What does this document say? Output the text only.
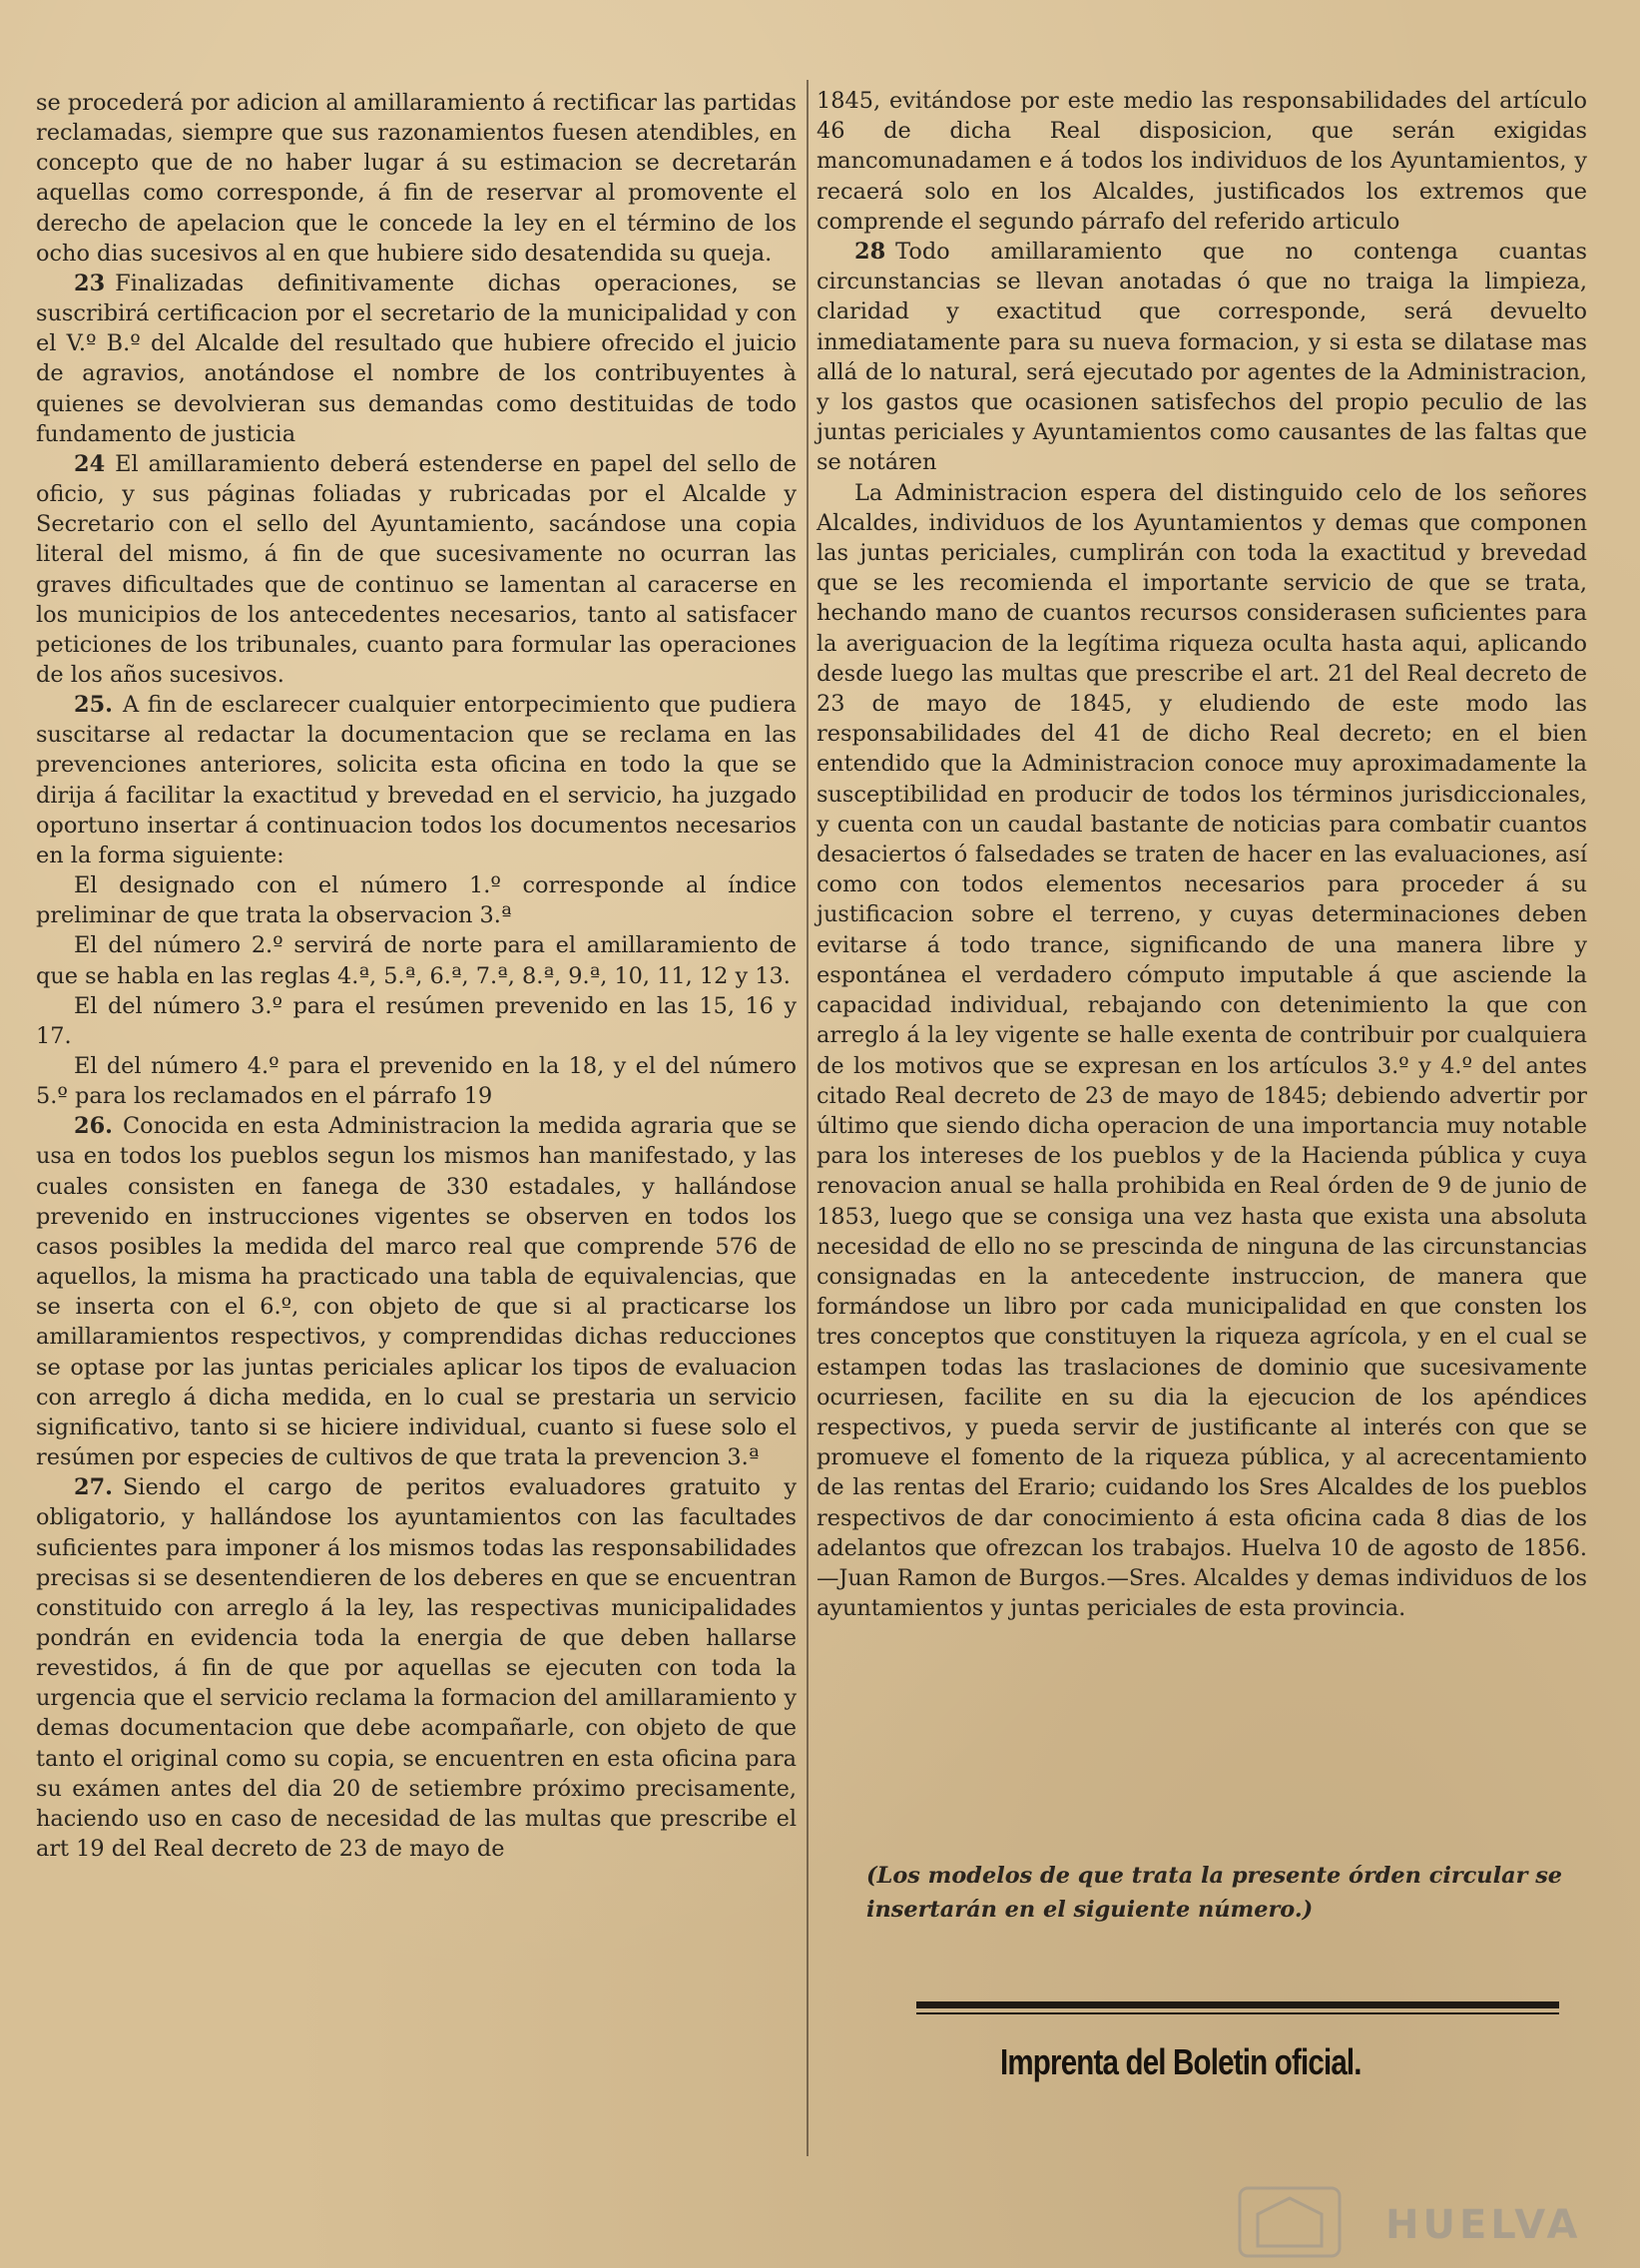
se procederá por adicion al amillaramiento á rectificar las partidas reclamadas, siempre que sus razonamientos fuesen atendibles, en concepto que de no haber lugar á su estimacion se decretarán aquellas como corresponde, á fin de reservar al promovente el derecho de apelacion que le concede la ley en el término de los ocho dias sucesivos al en que hubiere sido desatendida su queja.

23 Finalizadas definitivamente dichas operaciones, se suscribirá certificacion por el secretario de la municipalidad y con el V.º B.º del Alcalde del resultado que hubiere ofrecido el juicio de agravios, anotándose el nombre de los contribuyentes à quienes se devolvieran sus demandas como destituidas de todo fundamento de justicia

24 El amillaramiento deberá estenderse en papel del sello de oficio, y sus páginas foliadas y rubricadas por el Alcalde y Secretario con el sello del Ayuntamiento, sacándose una copia literal del mismo, á fin de que sucesivamente no ocurran las graves dificultades que de continuo se lamentan al caracerse en los municipios de los antecedentes necesarios, tanto al satisfacer peticiones de los tribunales, cuanto para formular las operaciones de los años sucesivos.

25. A fin de esclarecer cualquier entorpecimiento que pudiera suscitarse al redactar la documentacion que se reclama en las prevenciones anteriores, solicita esta oficina en todo la que se dirija á facilitar la exactitud y brevedad en el servicio, ha juzgado oportuno insertar á continuacion todos los documentos necesarios en la forma siguiente:

El designado con el número 1.º corresponde al índice preliminar de que trata la observacion 3.ª

El del número 2.º servirá de norte para el amillaramiento de que se habla en las reglas 4.ª, 5.ª, 6.ª, 7.ª, 8.ª, 9.ª, 10, 11, 12 y 13.

El del número 3.º para el resúmen prevenido en las 15, 16 y 17.

El del número 4.º para el prevenido en la 18, y el del número 5.º para los reclamados en el párrafo 19

26. Conocida en esta Administracion la medida agraria que se usa en todos los pueblos segun los mismos han manifestado, y las cuales consisten en fanega de 330 estadales, y hallándose prevenido en instrucciones vigentes se observen en todos los casos posibles la medida del marco real que comprende 576 de aquellos, la misma ha practicado una tabla de equivalencias, que se inserta con el 6.º, con objeto de que si al practicarse los amillaramientos respectivos, y comprendidas dichas reducciones se optase por las juntas periciales aplicar los tipos de evaluacion con arreglo á dicha medida, en lo cual se prestaria un servicio significativo, tanto si se hiciere individual, cuanto si fuese solo el resúmen por especies de cultivos de que trata la prevencion 3.ª

27. Siendo el cargo de peritos evaluadores gratuito y obligatorio, y hallándose los ayuntamientos con las facultades suficientes para imponer á los mismos todas las responsabilidades precisas si se desentendieren de los deberes en que se encuentran constituido con arreglo á la ley, las respectivas municipalidades pondrán en evidencia toda la energia de que deben hallarse revestidos, á fin de que por aquellas se ejecuten con toda la urgencia que el servicio reclama la formacion del amillaramiento y demas documentacion que debe acompañarle, con objeto de que tanto el original como su copia, se encuentren en esta oficina para su exámen antes del dia 20 de setiembre próximo precisamente, haciendo uso en caso de necesidad de las multas que prescribe el art 19 del Real decreto de 23 de mayo de

1845, evitándose por este medio las responsabilidades del artículo 46 de dicha Real disposicion, que serán exigidas mancomunadamen e á todos los individuos de los Ayuntamientos, y recaerá solo en los Alcaldes, justificados los extremos que comprende el segundo párrafo del referido articulo

28 Todo amillaramiento que no contenga cuantas circunstancias se llevan anotadas ó que no traiga la limpieza, claridad y exactitud que corresponde, será devuelto inmediatamente para su nueva formacion, y si esta se dilatase mas allá de lo natural, será ejecutado por agentes de la Administracion, y los gastos que ocasionen satisfechos del propio peculio de las juntas periciales y Ayuntamientos como causantes de las faltas que se notáren

La Administracion espera del distinguido celo de los señores Alcaldes, individuos de los Ayuntamientos y demas que componen las juntas periciales, cumplirán con toda la exactitud y brevedad que se les recomienda el importante servicio de que se trata, hechando mano de cuantos recursos considerasen suficientes para la averiguacion de la legítima riqueza oculta hasta aqui, aplicando desde luego las multas que prescribe el art. 21 del Real decreto de 23 de mayo de 1845, y eludiendo de este modo las responsabilidades del 41 de dicho Real decreto; en el bien entendido que la Administracion conoce muy aproximadamente la susceptibilidad en producir de todos los términos jurisdiccionales, y cuenta con un caudal bastante de noticias para combatir cuantos desaciertos ó falsedades se traten de hacer en las evaluaciones, así como con todos elementos necesarios para proceder á su justificacion sobre el terreno, y cuyas determinaciones deben evitarse á todo trance, significando de una manera libre y espontánea el verdadero cómputo imputable á que asciende la capacidad individual, rebajando con detenimiento la que con arreglo á la ley vigente se halle exenta de contribuir por cualquiera de los motivos que se expresan en los artículos 3.º y 4.º del antes citado Real decreto de 23 de mayo de 1845; debiendo advertir por último que siendo dicha operacion de una importancia muy notable para los intereses de los pueblos y de la Hacienda pública y cuya renovacion anual se halla prohibida en Real órden de 9 de junio de 1853, luego que se consiga una vez hasta que exista una absoluta necesidad de ello no se prescinda de ninguna de las circunstancias consignadas en la antecedente instruccion, de manera que formándose un libro por cada municipalidad en que consten los tres conceptos que constituyen la riqueza agrícola, y en el cual se estampen todas las traslaciones de dominio que sucesivamente ocurriesen, facilite en su dia la ejecucion de los apéndices respectivos, y pueda servir de justificante al interés con que se promueve el fomento de la riqueza pública, y al acrecentamiento de las rentas del Erario; cuidando los Sres Alcaldes de los pueblos respectivos de dar conocimiento á esta oficina cada 8 dias de los adelantos que ofrezcan los trabajos. Huelva 10 de agosto de 1856.—Juan Ramon de Burgos.—Sres. Alcaldes y demas individuos de los ayuntamientos y juntas periciales de esta provincia.

(Los modelos de que trata la presente órden circular se insertarán en el siguiente número.)
Imprenta del Boletin oficial.
HUELVA
